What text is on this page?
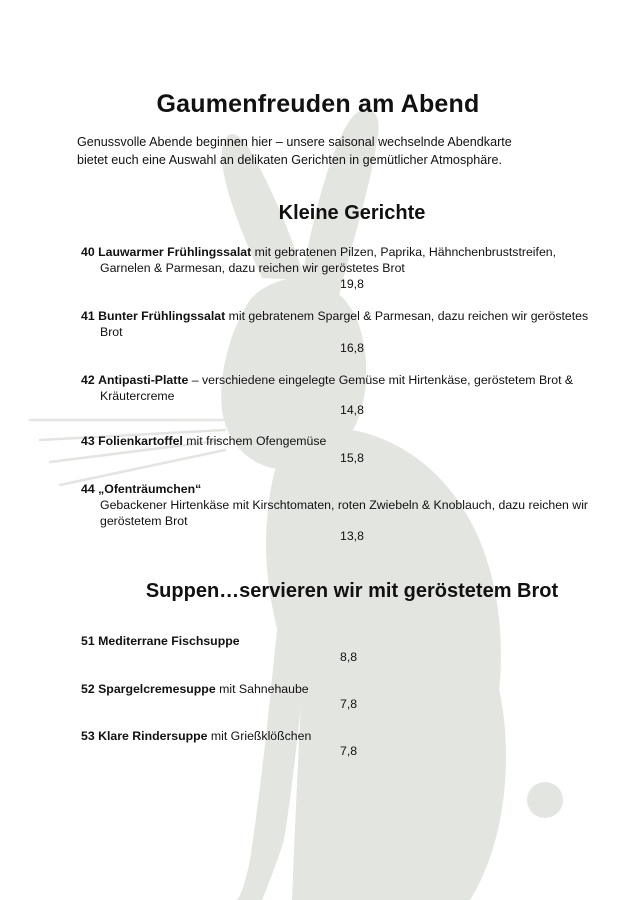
Gaumenfreuden am Abend
Genussvolle Abende beginnen hier – unsere saisonal wechselnde Abendkarte
bietet euch eine Auswahl an delikaten Gerichten in gemütlicher Atmosphäre.
Kleine Gerichte
40 Lauwarmer Frühlingssalat mit gebratenen Pilzen, Paprika, Hähnchenbruststreifen, Garnelen & Parmesan, dazu reichen wir geröstetes Brot
19,8
41 Bunter Frühlingssalat mit gebratenem Spargel & Parmesan, dazu reichen wir geröstetes Brot
16,8
42 Antipasti-Platte – verschiedene eingelegte Gemüse mit Hirtenkäse, geröstetem Brot & Kräutercreme
14,8
43 Folienkartoffel mit frischem Ofengemüse
15,8
44 „Ofenträumchen“
Gebackener Hirtenkäse mit Kirschtomaten, roten Zwiebeln & Knoblauch, dazu reichen wir geröstetem Brot
13,8
Suppen…servieren wir mit geröstetem Brot
51 Mediterrane Fischsuppe
8,8
52 Spargelcremesuppe mit Sahnehaube
7,8
53 Klare Rindersuppe mit Grießklößchen
7,8
